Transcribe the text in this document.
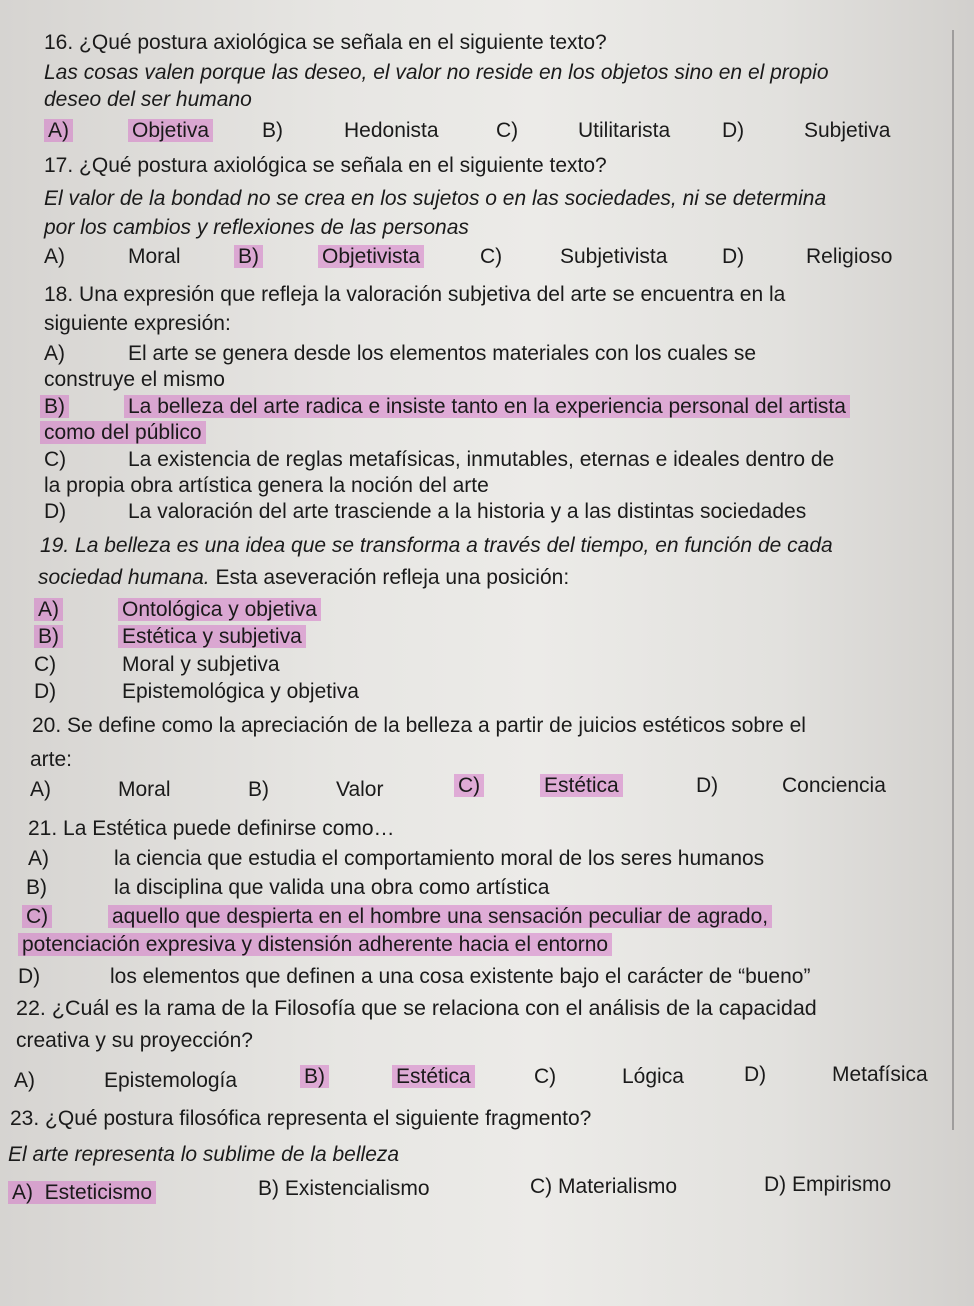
16. ¿Qué postura axiológica se señala en el siguiente texto?
Las cosas valen porque las deseo, el valor no reside en los objetos sino en el propio
deseo del ser humano
A)	Objetiva	B)	Hedonista	C)	Utilitarista D)	Subjetiva
17. ¿Qué postura axiológica se señala en el siguiente texto?
El valor de la bondad no se crea en los sujetos o en las sociedades, ni se determina
por los cambios y reflexiones de las personas
A)	Moral	B)	Objetivista	C)	Subjetivista	D)	Religioso
18. Una expresión que refleja la valoración subjetiva del arte se encuentra en la
siguiente expresión:
A)	El arte se genera desde los elementos materiales con los cuales se
construye el mismo
B)	La belleza del arte radica e insiste tanto en la experiencia personal del artista
como del público
C)	La existencia de reglas metafísicas, inmutables, eternas e ideales dentro de
la propia obra artística genera la noción del arte
D)	La valoración del arte trasciende a la historia y a las distintas sociedades
19. La belleza es una idea que se transforma a través del tiempo, en función de cada
sociedad humana. Esta aseveración refleja una posición:
A)	Ontológica y objetiva
B)	Estética y subjetiva
C)	Moral y subjetiva
D)	Epistemológica y objetiva
20. Se define como la apreciación de la belleza a partir de juicios estéticos sobre el
arte:
A)	Moral	B)	Valor	C)	Estética	D)	Conciencia
21. La Estética puede definirse como…
A)	la ciencia que estudia el comportamiento moral de los seres humanos
B)	la disciplina que valida una obra como artística
C)	aquello que despierta en el hombre una sensación peculiar de agrado,
potenciación expresiva y distensión adherente hacia el entorno
D)	los elementos que definen a una cosa existente bajo el carácter de “bueno”
22. ¿Cuál es la rama de la Filosofía que se relaciona con el análisis de la capacidad
creativa y su proyección?
A)	Epistemología	B)	Estética	C)	Lógica	D)	Metafísica
23. ¿Qué postura filosófica representa el siguiente fragmento?
El arte representa lo sublime de la belleza
A) Esteticismo	B) Existencialismo	C) Materialismo	D) Empirismo
